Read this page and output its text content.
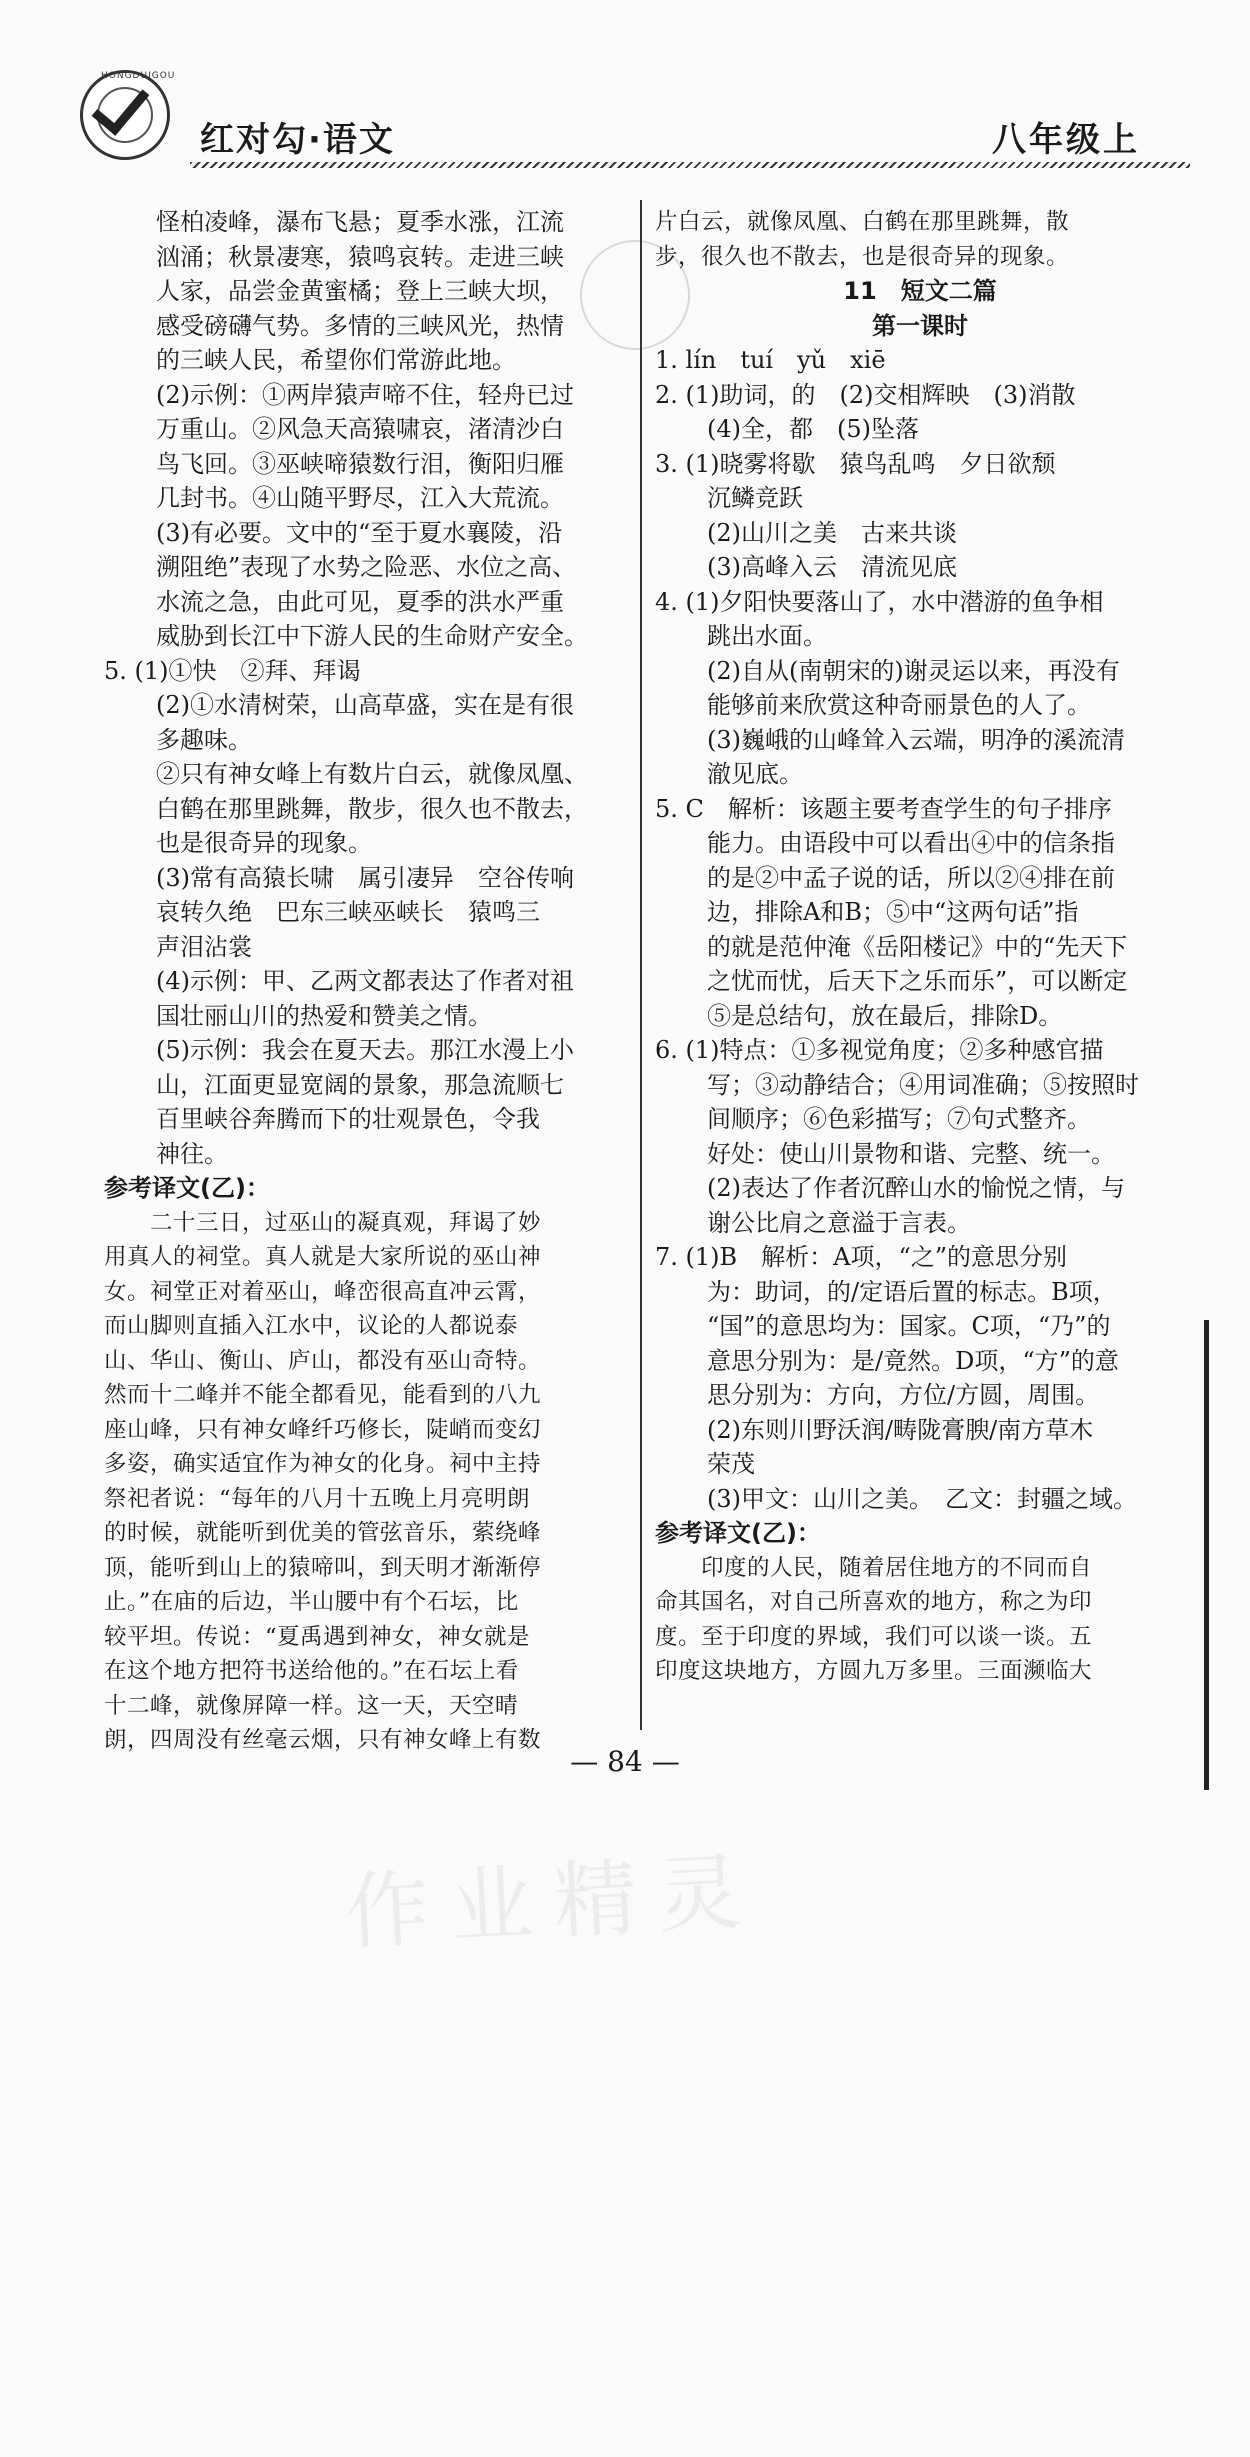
HONGDUIGOU
红对勾·语文	八年级上
怪柏凌峰，瀑布飞悬；夏季水涨，江流
汹涌；秋景凄寒，猿鸣哀转。走进三峡
人家，品尝金黄蜜橘；登上三峡大坝，
感受磅礴气势。多情的三峡风光，热情
的三峡人民，希望你们常游此地。
(2)示例：①两岸猿声啼不住，轻舟已过
万重山。②风急天高猿啸哀，渚清沙白
鸟飞回。③巫峡啼猿数行泪，衡阳归雁
几封书。④山随平野尽，江入大荒流。
(3)有必要。文中的“至于夏水襄陵，沿
溯阻绝”表现了水势之险恶、水位之高、
水流之急，由此可见，夏季的洪水严重
威胁到长江中下游人民的生命财产安全。
5. (1)①快　②拜、拜谒
(2)①水清树荣，山高草盛，实在是有很
多趣味。
②只有神女峰上有数片白云，就像凤凰、
白鹤在那里跳舞，散步，很久也不散去，
也是很奇异的现象。
(3)常有高猿长啸　属引凄异　空谷传响
哀转久绝　巴东三峡巫峡长　猿鸣三
声泪沾裳
(4)示例：甲、乙两文都表达了作者对祖
国壮丽山川的热爱和赞美之情。
(5)示例：我会在夏天去。那江水漫上小
山，江面更显宽阔的景象，那急流顺七
百里峡谷奔腾而下的壮观景色，令我
神往。
参考译文(乙)：
　　二十三日，过巫山的凝真观，拜谒了妙
用真人的祠堂。真人就是大家所说的巫山神
女。祠堂正对着巫山，峰峦很高直冲云霄，
而山脚则直插入江水中，议论的人都说泰
山、华山、衡山、庐山，都没有巫山奇特。
然而十二峰并不能全都看见，能看到的八九
座山峰，只有神女峰纤巧修长，陡峭而变幻
多姿，确实适宜作为神女的化身。祠中主持
祭祀者说：“每年的八月十五晚上月亮明朗
的时候，就能听到优美的管弦音乐，萦绕峰
顶，能听到山上的猿啼叫，到天明才渐渐停
止。”在庙的后边，半山腰中有个石坛，比
较平坦。传说：“夏禹遇到神女，神女就是
在这个地方把符书送给他的。”在石坛上看
十二峰，就像屏障一样。这一天，天空晴
朗，四周没有丝毫云烟，只有神女峰上有数
片白云，就像凤凰、白鹤在那里跳舞，散
步，很久也不散去，也是很奇异的现象。
11　短文二篇
第一课时
1. lín　tuí　yǔ　xiē
2. (1)助词，的　(2)交相辉映　(3)消散
(4)全，都　(5)坠落
3. (1)晓雾将歇　猿鸟乱鸣　夕日欲颓
沉鳞竞跃
(2)山川之美　古来共谈
(3)高峰入云　清流见底
4. (1)夕阳快要落山了，水中潜游的鱼争相
跳出水面。
(2)自从(南朝宋的)谢灵运以来，再没有
能够前来欣赏这种奇丽景色的人了。
(3)巍峨的山峰耸入云端，明净的溪流清
澈见底。
5. C　解析：该题主要考查学生的句子排序
能力。由语段中可以看出④中的信条指
的是②中孟子说的话，所以②④排在前
边，排除A和B；⑤中“这两句话”指
的就是范仲淹《岳阳楼记》中的“先天下
之忧而忧，后天下之乐而乐”，可以断定
⑤是总结句，放在最后，排除D。
6. (1)特点：①多视觉角度；②多种感官描
写；③动静结合；④用词准确；⑤按照时
间顺序；⑥色彩描写；⑦句式整齐。
好处：使山川景物和谐、完整、统一。
(2)表达了作者沉醉山水的愉悦之情，与
谢公比肩之意溢于言表。
7. (1)B　解析：A项，“之”的意思分别
为：助词，的/定语后置的标志。B项，
“国”的意思均为：国家。C项，“乃”的
意思分别为：是/竟然。D项，“方”的意
思分别为：方向，方位/方圆，周围。
(2)东则川野沃润/畴陇膏腴/南方草木
荣茂
(3)甲文：山川之美。　乙文：封疆之域。
参考译文(乙)：
　　印度的人民，随着居住地方的不同而自
命其国名，对自己所喜欢的地方，称之为印
度。至于印度的界域，我们可以谈一谈。五
印度这块地方，方圆九万多里。三面濒临大
— 84 —
作业精灵
